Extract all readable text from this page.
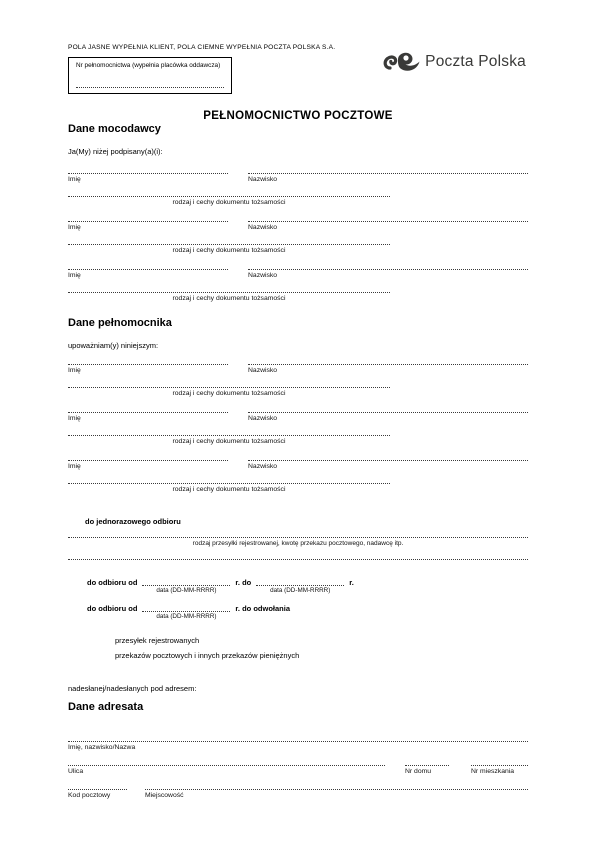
POLA JASNE WYPEŁNIA KLIENT, POLA CIEMNE WYPEŁNIA POCZTA POLSKA S.A.
Nr pełnomocnictwa (wypełnia placówka oddawcza)	Poczta Polska
PEŁNOMOCNICTWO POCZTOWE
Dane mocodawcy
Ja(My) niżej podpisany(a)(i):
Imię	Nazwisko
rodzaj i cechy dokumentu tożsamości
Imię	Nazwisko
rodzaj i cechy dokumentu tożsamości
Imię	Nazwisko
rodzaj i cechy dokumentu tożsamości
Dane pełnomocnika
upoważniam(y) niniejszym:
Imię	Nazwisko
rodzaj i cechy dokumentu tożsamości
Imię	Nazwisko
rodzaj i cechy dokumentu tożsamości
Imię	Nazwisko
rodzaj i cechy dokumentu tożsamości
do jednorazowego odbioru
rodzaj przesyłki rejestrowanej, kwotę przekazu pocztowego, nadawcę itp.
do odbioru od
data (DD-MM-RRRR)
r. do
data (DD-MM-RRRR)
r.
do odbioru od
data (DD-MM-RRRR)
r. do odwołania
przesyłek rejestrowanych
przekazów pocztowych i innych przekazów pieniężnych
nadesłanej/nadesłanych pod adresem:
Dane adresata
Imię, nazwisko/Nazwa
Ulica	Nr domu	Nr mieszkania
Kod pocztowy	Miejscowość
